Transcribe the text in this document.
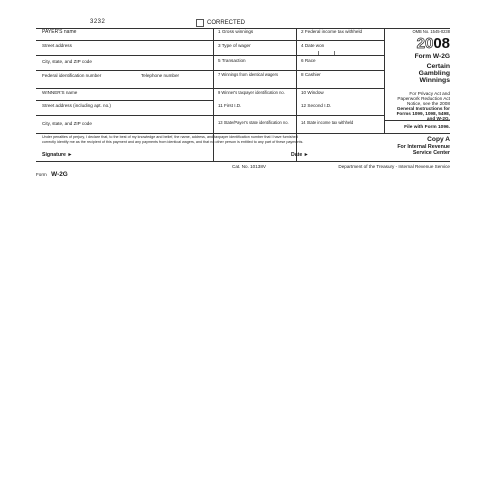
3232	CORRECTED
PAYER'S name
Street address
City, state, and ZIP code
Federal identification number	Telephone number
WINNER'S name
Street address (including apt. no.)
City, state, and ZIP code
1 Gross winnings	2 Federal income tax withheld
3 Type of wager	4 Date won
5 Transaction	6 Race
7 Winnings from identical wagers	8 Cashier
9 Winner's taxpayer identification no.	10 Window
11 First I.D.	12 Second I.D.
13 State/Payer's state identification no.	14 State income tax withheld
OMB No. 1545-0238
2008
Form W-2G
Certain
Gambling
Winnings
For Privacy Act and
Paperwork Reduction Act
Notice, see the 2008
General Instructions for
Forms 1099, 1098, 5498,
and W-2G.
File with Form 1096.
Copy A
For Internal Revenue
Service Center
Under penalties of perjury, I declare that, to the best of my knowledge and belief, the name, address, and taxpayer identification number that I have furnished
correctly identify me as the recipient of this payment and any payments from identical wagers, and that no other person is entitled to any part of these payments.
Signature ►	Date ►
Form W-2G
Cat. No. 10138V	Department of the Treasury - Internal Revenue Service
